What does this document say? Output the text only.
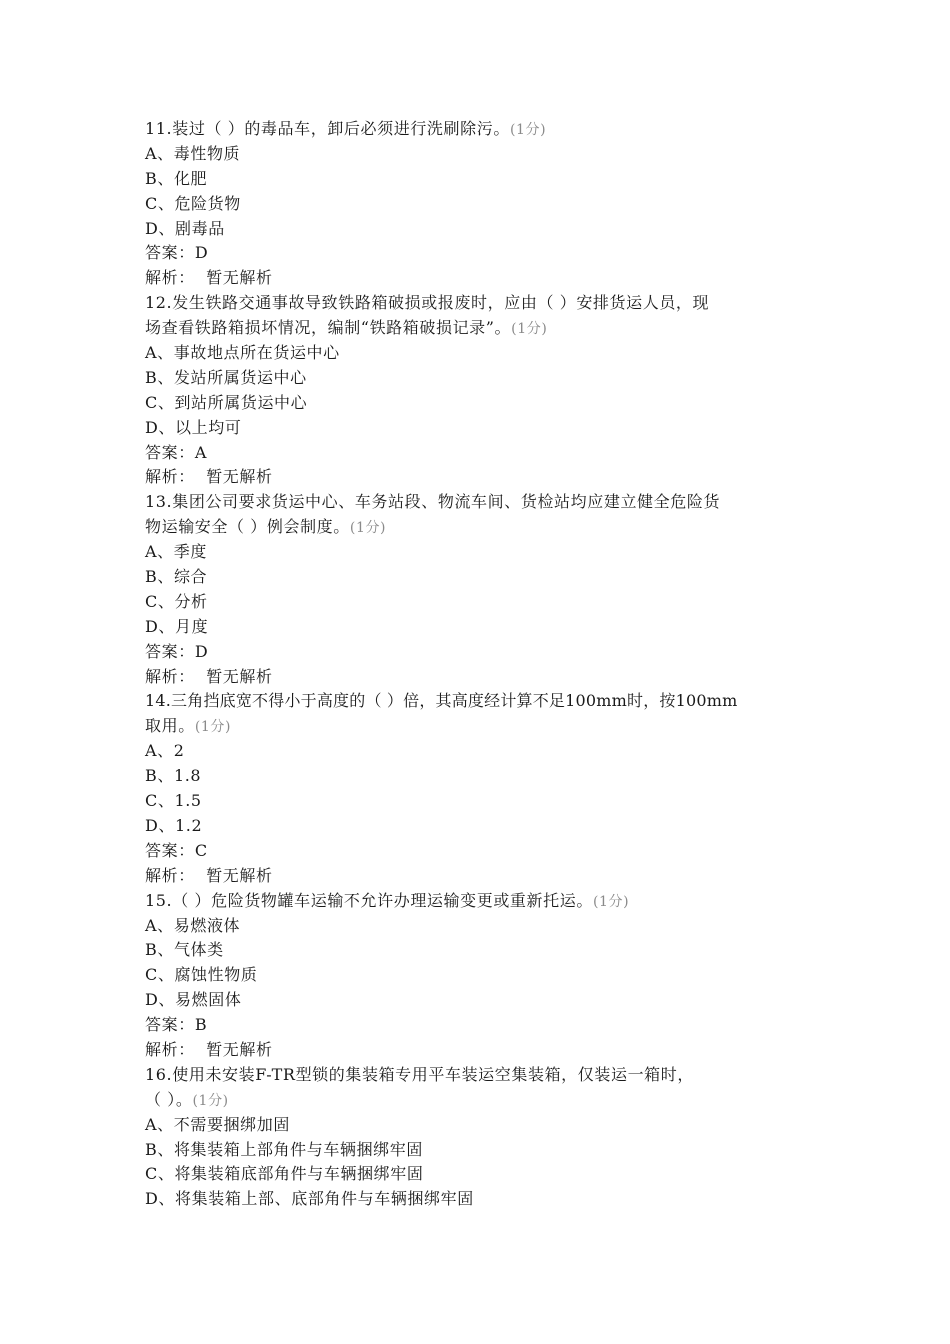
11.装过（ ）的毒品车，卸后必须进行洗刷除污。(1分)
A、毒性物质
B、化肥
C、危险货物
D、剧毒品
答案：D
解析： 暂无解析
12.发生铁路交通事故导致铁路箱破损或报废时，应由（ ）安排货运人员，现
场查看铁路箱损坏情况，编制“铁路箱破损记录”。(1分)
A、事故地点所在货运中心
B、发站所属货运中心
C、到站所属货运中心
D、以上均可
答案：A
解析： 暂无解析
13.集团公司要求货运中心、车务站段、物流车间、货检站均应建立健全危险货
物运输安全（ ）例会制度。(1分)
A、季度
B、综合
C、分析
D、月度
答案：D
解析： 暂无解析
14.三角挡底宽不得小于高度的（ ）倍，其高度经计算不足100mm时，按100mm
取用。(1分)
A、2
B、1.8
C、1.5
D、1.2
答案：C
解析： 暂无解析
15.（ ）危险货物罐车运输不允许办理运输变更或重新托运。(1分)
A、易燃液体
B、气体类
C、腐蚀性物质
D、易燃固体
答案：B
解析： 暂无解析
16.使用未安装F-TR型锁的集装箱专用平车装运空集装箱，仅装运一箱时，
（ ）。(1分)
A、不需要捆绑加固
B、将集装箱上部角件与车辆捆绑牢固
C、将集装箱底部角件与车辆捆绑牢固
D、将集装箱上部、底部角件与车辆捆绑牢固
